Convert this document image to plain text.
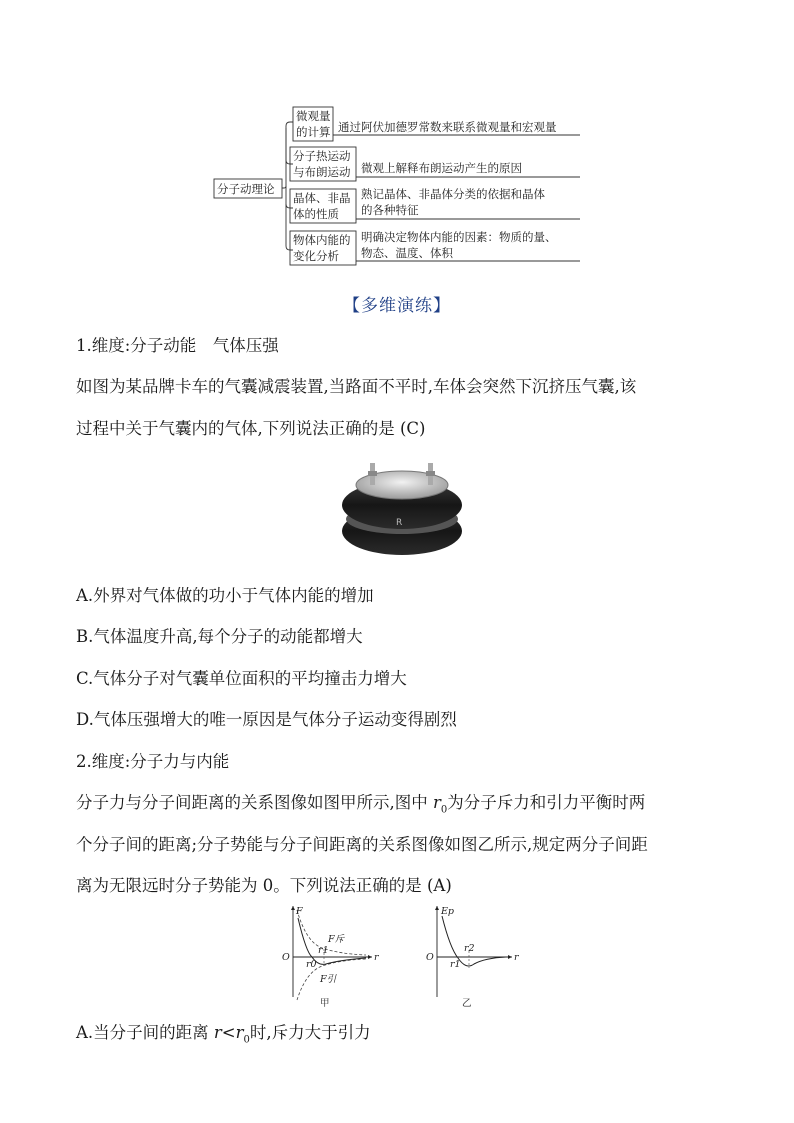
分子动理论
微观量
的计算 通过阿伏加德罗常数来联系微观量和宏观量
分子热运动
与布朗运动 微观上解释布朗运动产生的原因
晶体、非晶
体的性质
熟记晶体、非晶体分类的依据和晶体
的各种特征
物体内能的
变化分析
明确决定物体内能的因素：物质的量、
物态、温度、体积
【多维演练】
1.维度:分子动能　气体压强
如图为某品牌卡车的气囊减震装置,当路面不平时,车体会突然下沉挤压气囊,该
过程中关于气囊内的气体,下列说法正确的是 (C)
R
A.外界对气体做的功小于气体内能的增加
B.气体温度升高,每个分子的动能都增大
C.气体分子对气囊单位面积的平均撞击力增大
D.气体压强增大的唯一原因是气体分子运动变得剧烈
2.维度:分子力与内能
分子力与分子间距离的关系图像如图甲所示,图中 $r_0$为分子斥力和引力平衡时两
个分子间的距离;分子势能与分子间距离的关系图像如图乙所示,规定两分子间距
离为无限远时分子势能为 0。下列说法正确的是 (A)
F
r
O
F斥
F引
r0
r1
甲
Ep
r
O
r1
r2
乙
A.当分子间的距离 $r<r_0$时,斥力大于引力
